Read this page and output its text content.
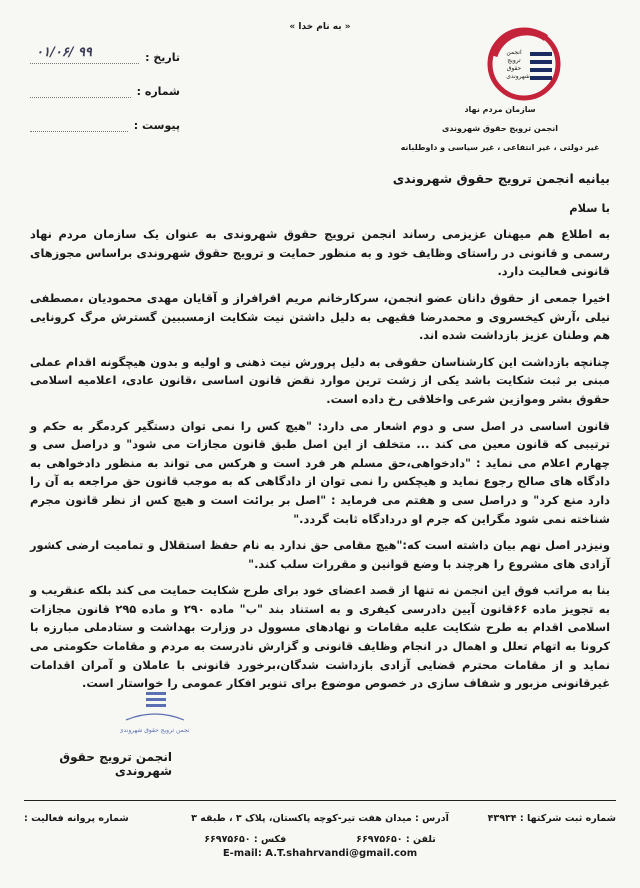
« به نام خدا »
انجمن
ترویج
حقوق
شهروندی
سازمان مردم نهاد
انجمن ترویج حقوق شهروندی
غیر دولتی ، غیر انتفاعی ، غیر سیاسی و داوطلبانه
تاریخ :
۰۱/۰۶/ ۹۹
شماره :
پیوست :

بیانیه انجمن ترویج حقوق شهروندی

با سلام

به اطلاع هم میهنان عزیزمی رساند انجمن ترویج حقوق شهروندی به عنوان یک سازمان مردم نهاد رسمی و قانونی در راستای وظایف خود و به منظور حمایت و ترویج حقوق شهروندی براساس مجوزهای قانونی فعالیت دارد.

اخیرا جمعی از حقوق دانان عضو انجمن، سرکارخانم مریم افرافراز و آقایان مهدی محمودیان ،مصطفی نیلی ،آرش کیخسروی و محمدرضا فقیهی به دلیل داشتن نیت شکایت ازمسببین گسترش مرگ کرونایی هم وطنان عزیز بازداشت شده اند.

چنانچه بازداشت این کارشناسان حقوقی به دلیل پرورش نیت ذهنی و اولیه و بدون هیچگونه اقدام عملی مبنی بر ثبت شکایت باشد یکی از زشت ترین موارد نقض قانون اساسی ،قانون عادی، اعلامیه اسلامی حقوق بشر وموازین شرعی واخلاقی رخ داده است.

قانون اساسی در اصل سی و دوم اشعار می دارد: "هیچ کس را نمی توان دستگیر کردمگر به حکم و ترتیبی که قانون معین می کند ... متخلف از این اصل طبق قانون مجازات می شود" و دراصل سی و چهارم اعلام می نماید : "دادخواهی،حق مسلم هر فرد است و هرکس می تواند به منظور دادخواهی به دادگاه های صالح رجوع نماید و هیچکس را نمی توان از دادگاهی که به موجب قانون حق مراجعه به آن را دارد منع کرد" و دراصل سی و هفتم می فرماید : "اصل بر برائت است و هیچ کس از نظر قانون مجرم شناخته نمی شود مگراین که جرم او دردادگاه ثابت گردد."

ونیزدر اصل نهم بیان داشته است که:"هیچ مقامی حق ندارد به نام حفظ استقلال و تمامیت ارضی کشور آزادی های مشروع را هرچند با وضع قوانین و مقررات سلب کند."

بنا به مراتب فوق این انجمن نه تنها از قصد اعضای خود برای طرح شکایت حمایت می کند بلکه عنقریب و به تجویز ماده ۶۶قانون آیین دادرسی کیفری و به استناد بند "ب" ماده ۲۹۰ و ماده ۲۹۵ قانون مجازات اسلامی اقدام به طرح شکایت علیه مقامات و نهادهای مسوول در وزارت بهداشت و ستادملی مبارزه با کرونا به اتهام تعلل و اهمال در انجام وظایف قانونی و گزارش نادرست به مردم و مقامات حکومتی می نماید و از مقامات محترم قضایی آزادی بازداشت شدگان،برخورد قانونی با عاملان و آمران اقدامات غیرقانونی مزبور و شفاف سازی در خصوص موضوع برای تنویر افکار عمومی را خواستار است.

انجمن ترویج حقوق شهروندی
انجمن ترویج حقوق شهروندی
شماره ثبت شرکتها : ۴۳۹۳۴
آدرس : میدان هفت تیر-کوچه پاکستان، پلاک ۳ ، طبقه ۳
شماره پروانه فعالیت :
تلفن : ۶۶۹۷۵۶۵۰
فکس : ۶۶۹۷۵۶۵۰
E-mail: A.T.shahrvandi@gmail.com
